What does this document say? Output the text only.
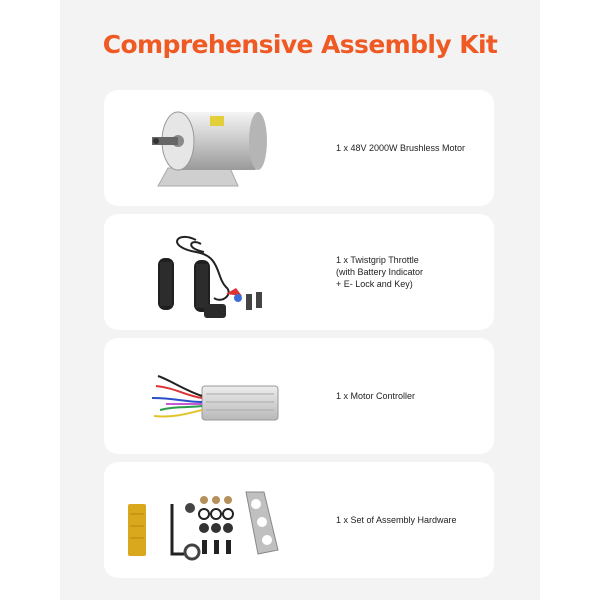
Comprehensive Assembly Kit
1 x 48V 2000W Brushless Motor
1 x Twistgrip Throttle
(with Battery Indicator
+ E- Lock and Key)
1 x Motor Controller
1 x Set of Assembly Hardware
